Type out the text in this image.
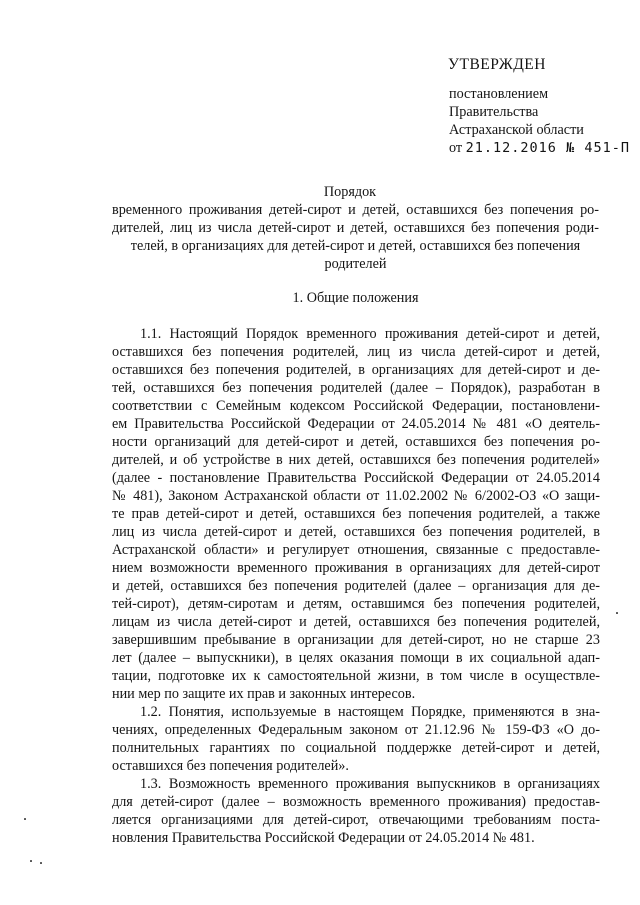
УТВЕРЖДЕН
постановлением
Правительства
Астраханской области
от 21.12.2016 № 451-П
Порядок
временного проживания детей-сирот и детей, оставшихся без попечения ро-
дителей, лиц из числа детей-сирот и детей, оставшихся без попечения роди-
телей, в организациях для детей-сирот и детей, оставшихся без попечения
родителей
1. Общие положения
1.1. Настоящий Порядок временного проживания детей-сирот и детей,
оставшихся без попечения родителей, лиц из числа детей-сирот и детей,
оставшихся без попечения родителей, в организациях для детей-сирот и де-
тей, оставшихся без попечения родителей (далее – Порядок), разработан в
соответствии с Семейным кодексом Российской Федерации, постановлени-
ем Правительства Российской Федерации от 24.05.2014 № 481 «О деятель-
ности организаций для детей-сирот и детей, оставшихся без попечения ро-
дителей, и об устройстве в них детей, оставшихся без попечения родителей»
(далее - постановление Правительства Российской Федерации от 24.05.2014
№ 481), Законом Астраханской области от 11.02.2002 № 6/2002-ОЗ «О защи-
те прав детей-сирот и детей, оставшихся без попечения родителей, а также
лиц из числа детей-сирот и детей, оставшихся без попечения родителей, в
Астраханской области» и регулирует отношения, связанные с предоставле-
нием возможности временного проживания в организациях для детей-сирот
и детей, оставшихся без попечения родителей (далее – организация для де-
тей-сирот), детям-сиротам и детям, оставшимся без попечения родителей,
лицам из числа детей-сирот и детей, оставшихся без попечения родителей,
завершившим пребывание в организации для детей-сирот, но не старше 23
лет (далее – выпускники), в целях оказания помощи в их социальной адап-
тации, подготовке их к самостоятельной жизни, в том числе в осуществле-
нии мер по защите их прав и законных интересов.
1.2. Понятия, используемые в настоящем Порядке, применяются в зна-
чениях, определенных Федеральным законом от 21.12.96 № 159-ФЗ «О до-
полнительных гарантиях по социальной поддержке детей-сирот и детей,
оставшихся без попечения родителей».
1.3. Возможность временного проживания выпускников в организациях
для детей-сирот (далее – возможность временного проживания) предостав-
ляется организациями для детей-сирот, отвечающими требованиям поста-
новления Правительства Российской Федерации от 24.05.2014 № 481.
